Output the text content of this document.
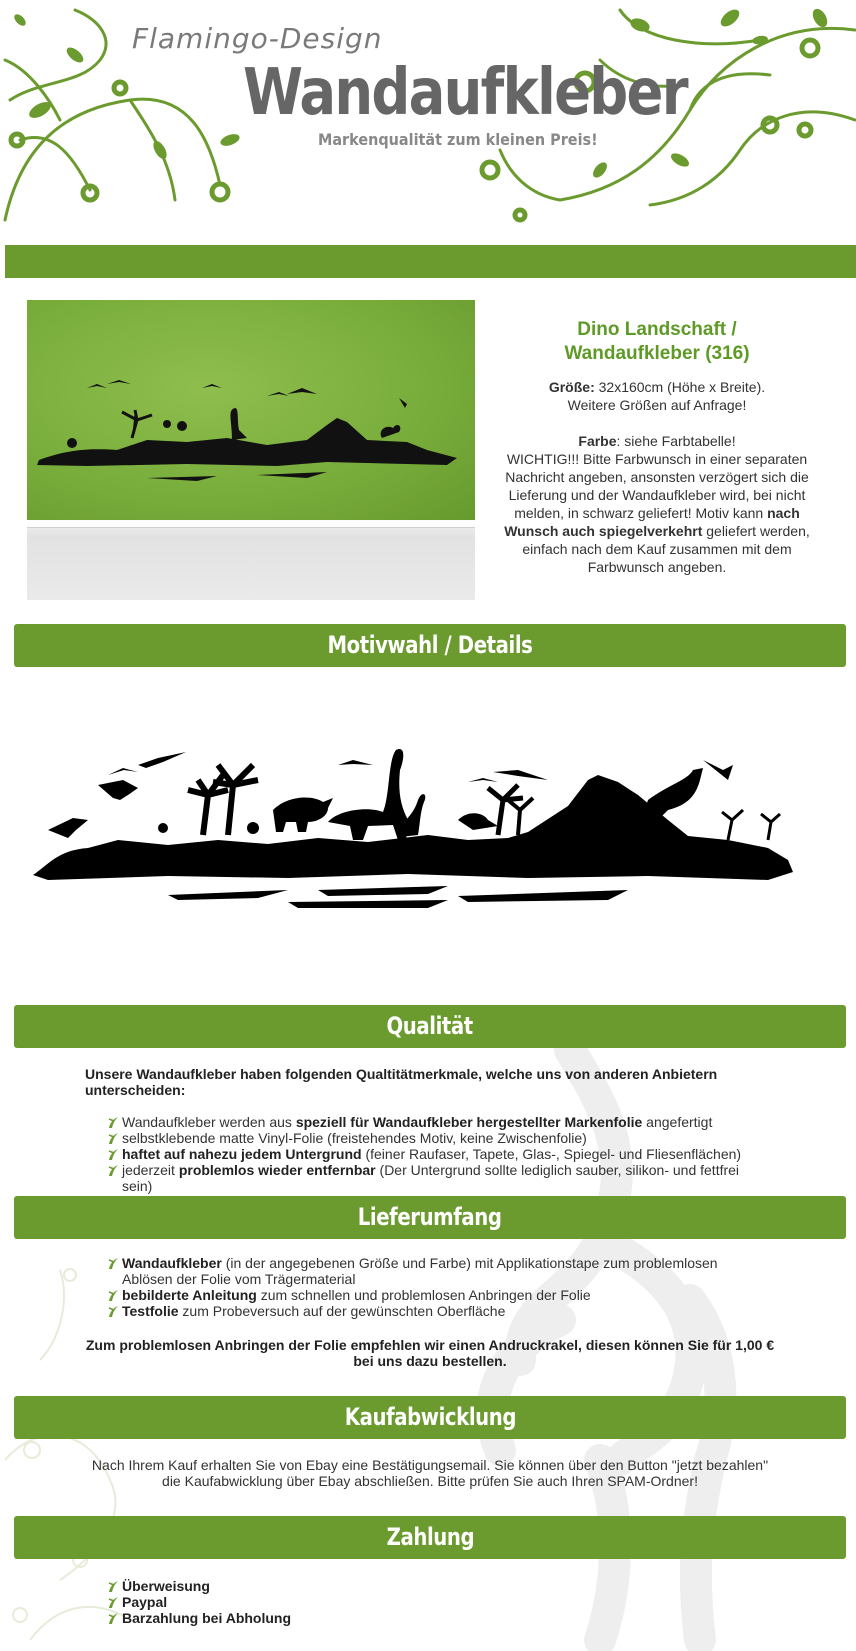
Flamingo-Design
Wandaufkleber
Markenqualität zum kleinen Preis!
Dino Landschaft /
Wandaufkleber (316)
Größe: 32x160cm (Höhe x Breite).
Weitere Größen auf Anfrage!
Farbe: siehe Farbtabelle!
WICHTIG!!! Bitte Farbwunsch in einer separaten Nachricht angeben, ansonsten verzögert sich die Lieferung und der Wandaufkleber wird, bei nicht melden, in schwarz geliefert! Motiv kann nach Wunsch auch spiegelverkehrt geliefert werden, einfach nach dem Kauf zusammen mit dem Farbwunsch angeben.
Motivwahl / Details
Qualität
Unsere Wandaufkleber haben folgenden Qualtitätmerkmale, welche uns von anderen Anbietern unterscheiden:
Wandaufkleber werden aus speziell für Wandaufkleber hergestellter Markenfolie angefertigt
selbstklebende matte Vinyl-Folie (freistehendes Motiv, keine Zwischenfolie)
haftet auf nahezu jedem Untergrund (feiner Raufaser, Tapete, Glas-, Spiegel- und Fliesenflächen)
jederzeit problemlos wieder entfernbar (Der Untergrund sollte lediglich sauber, silikon- und fettfrei sein)
Lieferumfang
Wandaufkleber (in der angegebenen Größe und Farbe) mit Applikationstape zum problemlosen Ablösen der Folie vom Trägermaterial
bebilderte Anleitung zum schnellen und problemlosen Anbringen der Folie
Testfolie zum Probeversuch auf der gewünschten Oberfläche
Zum problemlosen Anbringen der Folie empfehlen wir einen Andruckrakel, diesen können Sie für 1,00 € bei uns dazu bestellen.
Kaufabwicklung
Nach Ihrem Kauf erhalten Sie von Ebay eine Bestätigungsemail. Sie können über den Button "jetzt bezahlen" die Kaufabwicklung über Ebay abschließen. Bitte prüfen Sie auch Ihren SPAM-Ordner!
Zahlung
Überweisung
Paypal
Barzahlung bei Abholung
